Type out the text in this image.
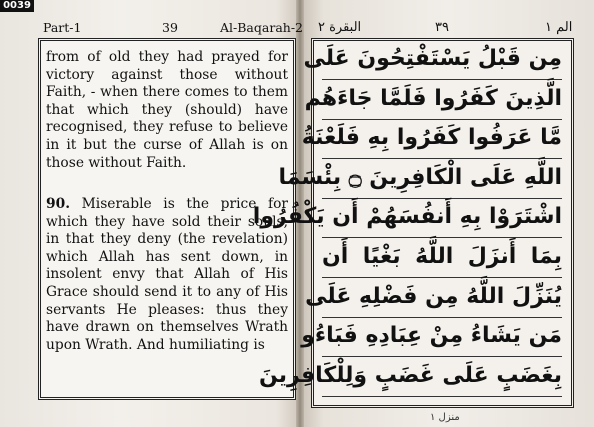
0039
Part-1	39	Al-Baqarah-2 البقرة ٢	٣٩	الم ١
from of old they had prayed for victory against those without Faith, - when there comes to them that which they (should) have recognised, they refuse to believe in it but the curse of Allah is on those without Faith.
90. Miserable is the price for which they have sold their souls, in that they deny (the revelation) which Allah has sent down, in insolent envy that Allah of His Grace should send it to any of His servants He pleases: thus they have drawn on themselves Wrath upon Wrath. And humiliating is
مِن قَبْلُ يَسْتَفْتِحُونَ عَلَى
الَّذِينَ كَفَرُوا فَلَمَّا جَاءَهُم
مَّا عَرَفُوا كَفَرُوا بِهِ فَلَعْنَةُ
اللَّهِ عَلَى الْكَافِرِينَ ۝ بِئْسَمَا
اشْتَرَوْا بِهِ أَنفُسَهُمْ أَن يَكْفُرُوا
بِمَا أَنزَلَ اللَّهُ بَغْيًا أَن
يُنَزِّلَ اللَّهُ مِن فَضْلِهِ عَلَى
مَن يَشَاءُ مِنْ عِبَادِهِ فَبَاءُو
بِغَضَبٍ عَلَى غَضَبٍ وَلِلْكَافِرِينَ
منزل ١
